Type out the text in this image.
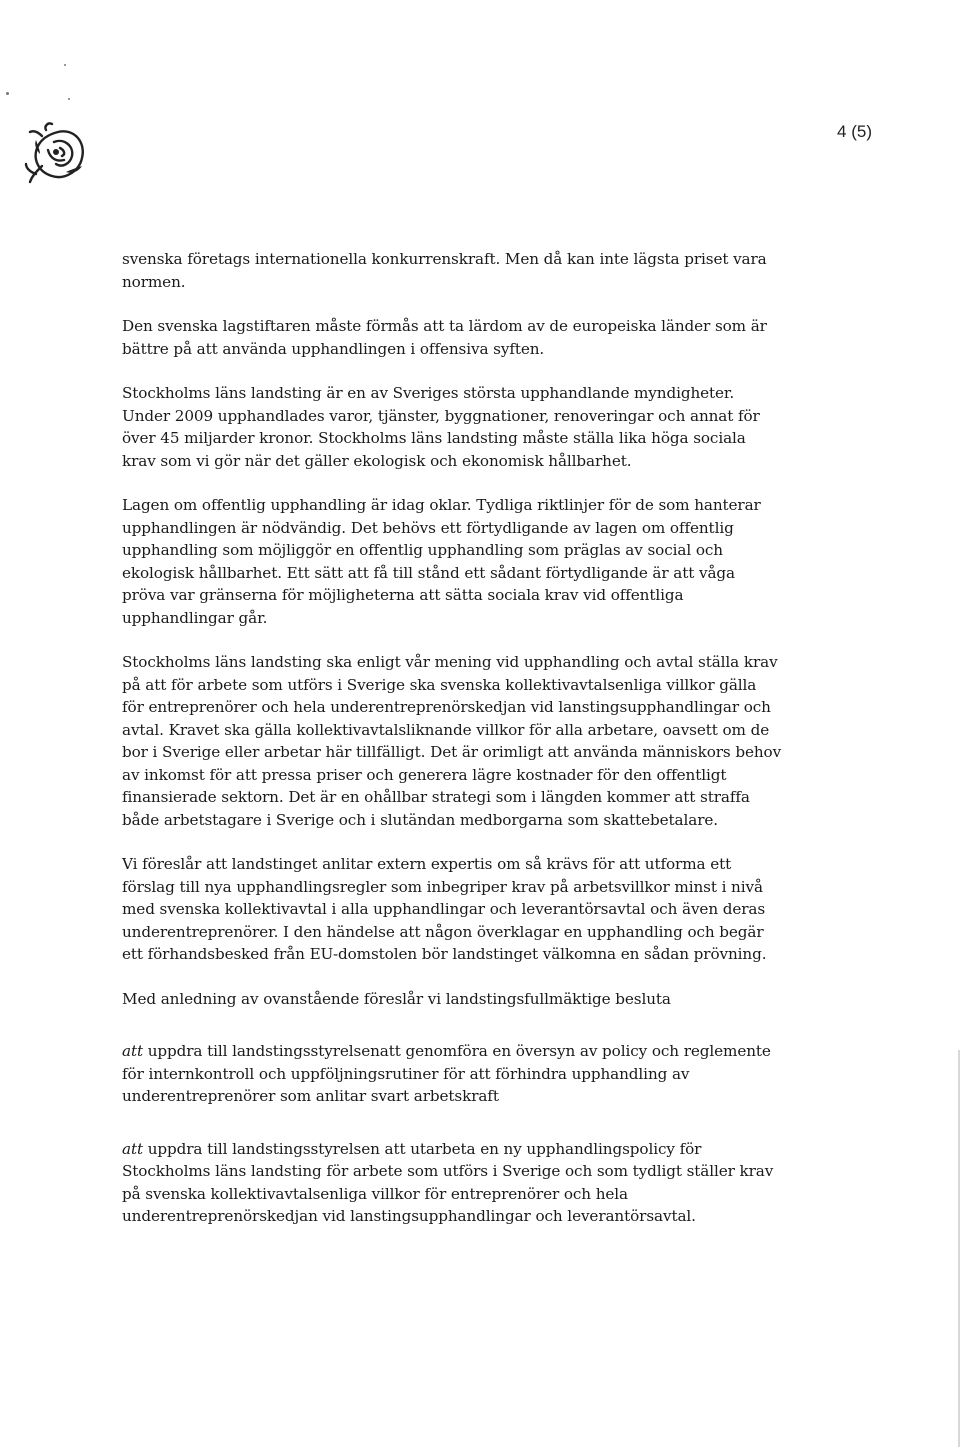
4 (5)

svenska företags internationella konkurrenskraft. Men då kan inte lägsta priset vara normen.

Den svenska lagstiftaren måste förmås att ta lärdom av de europeiska länder som är bättre på att använda upphandlingen i offensiva syften.

Stockholms läns landsting är en av Sveriges största upphandlande myndigheter. Under 2009 upphandlades varor, tjänster, byggnationer, renoveringar och annat för över 45 miljarder kronor. Stockholms läns landsting måste ställa lika höga sociala krav som vi gör när det gäller ekologisk och ekonomisk hållbarhet.

Lagen om offentlig upphandling är idag oklar. Tydliga riktlinjer för de som hanterar upphandlingen är nödvändig. Det behövs ett förtydligande av lagen om offentlig upphandling som möjliggör en offentlig upphandling som präglas av social och ekologisk hållbarhet. Ett sätt att få till stånd ett sådant förtydligande är att våga pröva var gränserna för möjligheterna att sätta sociala krav vid offentliga upphandlingar går.

Stockholms läns landsting ska enligt vår mening vid upphandling och avtal ställa krav på att för arbete som utförs i Sverige ska svenska kollektivavtalsenliga villkor gälla för entreprenörer och hela underentreprenörskedjan vid lanstingsupphandlingar och avtal. Kravet ska gälla kollektivavtalsliknande villkor för alla arbetare, oavsett om de bor i Sverige eller arbetar här tillfälligt. Det är orimligt att använda människors behov av inkomst för att pressa priser och generera lägre kostnader för den offentligt finansierade sektorn. Det är en ohållbar strategi som i längden kommer att straffa både arbetstagare i Sverige och i slutändan medborgarna som skattebetalare.

Vi föreslår att landstinget anlitar extern expertis om så krävs för att utforma ett förslag till nya upphandlingsregler som inbegriper krav på arbetsvillkor minst i nivå med svenska kollektivavtal i alla upphandlingar och leverantörsavtal och även deras underentreprenörer. I den händelse att någon överklagar en upphandling och begär ett förhandsbesked från EU-domstolen bör landstinget välkomna en sådan prövning.

Med anledning av ovanstående föreslår vi landstingsfullmäktige besluta

att uppdra till landstingsstyrelsenatt genomföra en översyn av policy och reglemente för internkontroll och uppföljningsrutiner för att förhindra upphandling av underentreprenörer som anlitar svart arbetskraft

att uppdra till landstingsstyrelsen att utarbeta en ny upphandlingspolicy för Stockholms läns landsting för arbete som utförs i Sverige och som tydligt ställer krav på svenska kollektivavtalsenliga villkor för entreprenörer och hela underentreprenörskedjan vid lanstingsupphandlingar och leverantörsavtal.
